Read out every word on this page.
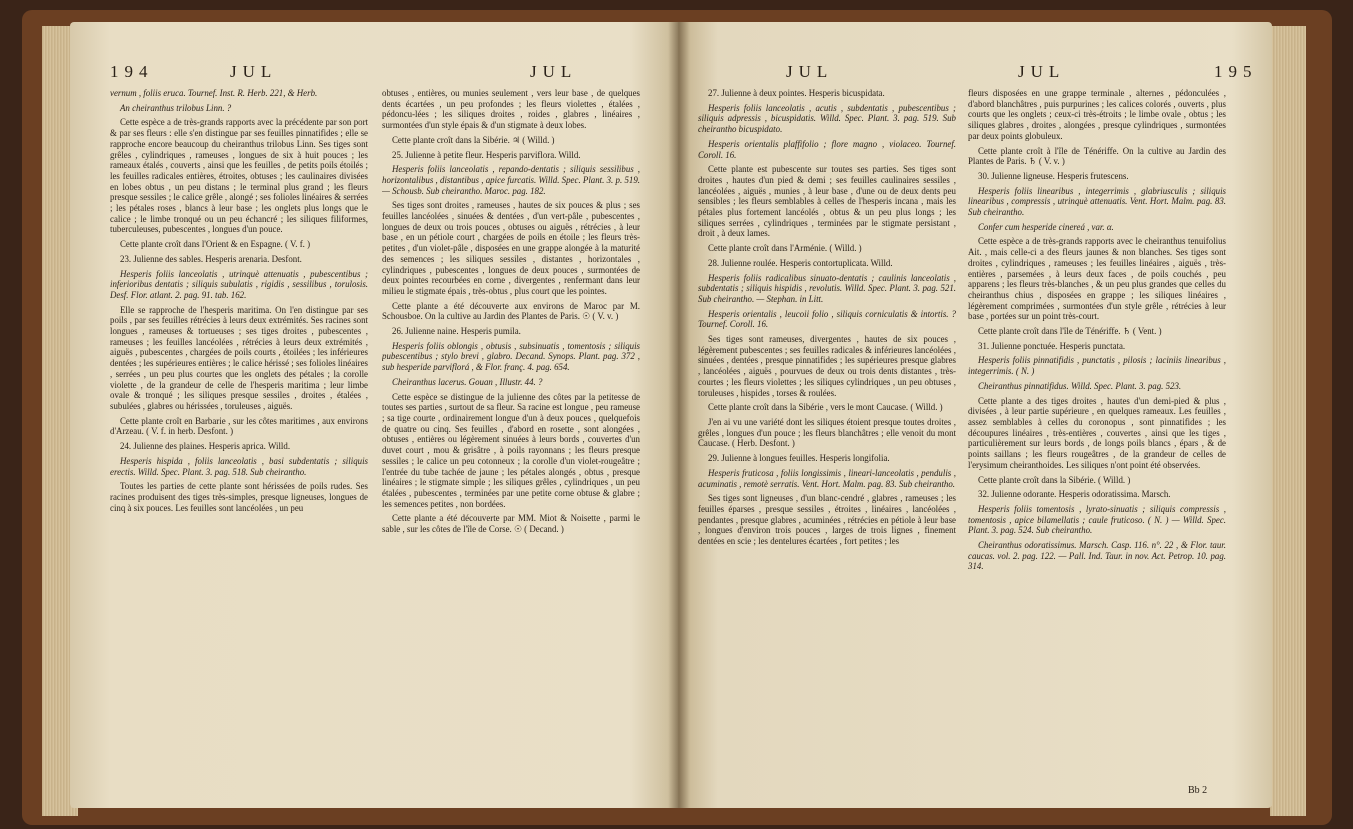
194	JUL	JUL

vernum , foliis eruca. Tournef. Inst. R. Herb. 221, & Herb.

An cheiranthus trilobus Linn. ?

Cette espèce a de très-grands rapports avec la précédente par son port & par ses fleurs : elle s'en distingue par ses feuilles pinnatifides ; elle se rapproche encore beaucoup du cheiranthus trilobus Linn. Ses tiges sont grêles , cylindriques , rameuses , longues de six à huit pouces ; les rameaux étalés , couverts , ainsi que les feuilles , de petits poils étoilés ; les feuilles radicales entières, étroites, obtuses ; les caulinaires divisées en lobes obtus , un peu distans ; le terminal plus grand ; les fleurs presque sessiles ; le calice grêle , alongé ; ses folioles linéaires & serrées ; les pétales roses , blancs à leur base ; les onglets plus longs que le calice ; le limbe tronqué ou un peu échancré ; les siliques filiformes, tuberculeuses, pubescentes , longues d'un pouce.

Cette plante croît dans l'Orient & en Espagne. ( V. f. )

23. Julienne des sables. Hesperis arenaria. Desfont.

Hesperis foliis lanceolatis , utrinquè attenuatis , pubescentibus ; inferioribus dentatis ; siliquis subulatis , rigidis , sessilibus , torulosis. Desf. Flor. atlant. 2. pag. 91. tab. 162.

Elle se rapproche de l'hesperis maritima. On l'en distingue par ses poils , par ses feuilles rétrécies à leurs deux extrémités. Ses racines sont longues , rameuses & tortueuses ; ses tiges droites , pubescentes , rameuses ; les feuilles lancéolées , rétrécies à leurs deux extrémités , aiguës , pubescentes , chargées de poils courts , étoilées ; les inférieures dentées ; les supérieures entières ; le calice hérissé ; ses folioles linéaires , serrées , un peu plus courtes que les onglets des pétales ; la corolle violette , de la grandeur de celle de l'hesperis maritima ; leur limbe ovale & tronqué ; les siliques presque sessiles , droites , étalées , subulées , glabres ou hérissées , toruleuses , aiguës.

Cette plante croît en Barbarie , sur les côtes maritimes , aux environs d'Arzeau. ( V. f. in herb. Desfont. )

24. Julienne des plaines. Hesperis aprica. Willd.

Hesperis hispida , foliis lanceolatis , basi subdentatis ; siliquis erectis. Willd. Spec. Plant. 3. pag. 518. Sub cheirantho.

Toutes les parties de cette plante sont hérissées de poils rudes. Ses racines produisent des tiges très-simples, presque ligneuses, longues de cinq à six pouces. Les feuilles sont lancéolées , un peu

obtuses , entières, ou munies seulement , vers leur base , de quelques dents écartées , un peu profondes ; les fleurs violettes , étalées , pédoncu-lées ; les siliques droites , roides , glabres , linéaires , surmontées d'un style épais & d'un stigmate à deux lobes.

Cette plante croît dans la Sibérie. ♃ ( Willd. )

25. Julienne à petite fleur. Hesperis parviflora. Willd.

Hesperis foliis lanceolatis , repando-dentatis ; siliquis sessilibus , horizontalibus , distantibus , apice furcatis. Willd. Spec. Plant. 3. p. 519. — Schousb. Sub cheirantho. Maroc. pag. 182.

Ses tiges sont droites , rameuses , hautes de six pouces & plus ; ses feuilles lancéolées , sinuées & dentées , d'un vert-pâle , pubescentes , longues de deux ou trois pouces , obtuses ou aiguës , rétrécies , à leur base , en un pétiole court , chargées de poils en étoile ; les fleurs très-petites , d'un violet-pâle , disposées en une grappe alongée à la maturité des semences ; les siliques sessiles , distantes , horizontales , cylindriques , pubescentes , longues de deux pouces , surmontées de deux pointes recourbées en corne , divergentes , renfermant dans leur milieu le stigmate épais , très-obtus , plus court que les pointes.

Cette plante a été découverte aux environs de Maroc par M. Schousboe. On la cultive au Jardin des Plantes de Paris. ☉ ( V. v. )

26. Julienne naine. Hesperis pumila.

Hesperis foliis oblongis , obtusis , subsinuatis , tomentosis ; siliquis pubescentibus ; stylo brevi , glabro. Decand. Synops. Plant. pag. 372 , sub hesperide parviflorá , & Flor. franç. 4. pag. 654.

Cheiranthus lacerus. Gouan , Illustr. 44. ?

Cette espèce se distingue de la julienne des côtes par la petitesse de toutes ses parties , surtout de sa fleur. Sa racine est longue , peu rameuse ; sa tige courte , ordinairement longue d'un à deux pouces , quelquefois de quatre ou cinq. Ses feuilles , d'abord en rosette , sont alongées , obtuses , entières ou légèrement sinuées à leurs bords , couvertes d'un duvet court , mou & grisâtre , à poils rayonnans ; les fleurs presque sessiles ; le calice un peu cotonneux ; la corolle d'un violet-rougeâtre ; l'entrée du tube tachée de jaune ; les pétales alongés , obtus , presque linéaires ; le stigmate simple ; les siliques grêles , cylindriques , un peu étalées , pubescentes , terminées par une petite corne obtuse & glabre ; les semences petites , non bordées.

Cette plante a été découverte par MM. Miot & Noisette , parmi le sable , sur les côtes de l'île de Corse. ☉ ( Decand. )

JUL	JUL	195

27. Julienne à deux pointes. Hesperis bicuspidata.

Hesperis foliis lanceolatis , acutis , subdentatis , pubescentibus ; siliquis adpressis , bicuspidatis. Willd. Spec. Plant. 3. pag. 519. Sub cheirantho bicuspidato.

Hesperis orientalis plaffifolio ; flore magno , violaceo. Tournef. Coroll. 16.

Cette plante est pubescente sur toutes ses parties. Ses tiges sont droites , hautes d'un pied & demi ; ses feuilles caulinaires sessiles , lancéolées , aiguës , munies , à leur base , d'une ou de deux dents peu sensibles ; les fleurs semblables à celles de l'hesperis incana , mais les pétales plus fortement lancéolés , obtus & un peu plus longs ; les siliques serrées , cylindriques , terminées par le stigmate persistant , droit , à deux lames.

Cette plante croît dans l'Arménie. ( Willd. )

28. Julienne roulée. Hesperis contortuplicata. Willd.

Hesperis foliis radicalibus sinuato-dentatis ; caulinis lanceolatis , subdentatis ; siliquis hispidis , revolutis. Willd. Spec. Plant. 3. pag. 521. Sub cheirantho. — Stephan. in Litt.

Hesperis orientalis , leucoii folio , siliquis corniculatis & intortis. ? Tournef. Coroll. 16.

Ses tiges sont rameuses, divergentes , hautes de six pouces , légèrement pubescentes ; ses feuilles radicales & inférieures lancéolées , sinuées , dentées , presque pinnatifides ; les supérieures presque glabres , lancéolées , aiguës , pourvues de deux ou trois dents distantes , très-courtes ; les fleurs violettes ; les siliques cylindriques , un peu obtuses , toruleuses , hispides , torses & roulées.

Cette plante croît dans la Sibérie , vers le mont Caucase. ( Willd. )

J'en ai vu une variété dont les siliques étoient presque toutes droites , grêles , longues d'un pouce ; les fleurs blanchâtres ; elle venoit du mont Caucase. ( Herb. Desfont. )

29. Julienne à longues feuilles. Hesperis longifolia.

Hesperis fruticosa , foliis longissimis , lineari-lanceolatis , pendulis , acuminatis , remotè serratis. Vent. Hort. Malm. pag. 83. Sub cheirantho.

Ses tiges sont ligneuses , d'un blanc-cendré , glabres , rameuses ; les feuilles éparses , presque sessiles , étroites , linéaires , lancéolées , pendantes , presque glabres , acuminées , rétrécies en pétiole à leur base , longues d'environ trois pouces , larges de trois lignes , finement dentées en scie ; les dentelures écartées , fort petites ; les

fleurs disposées en une grappe terminale , alternes , pédonculées , d'abord blanchâtres , puis purpurines ; les calices colorés , ouverts , plus courts que les onglets ; ceux-ci très-étroits ; le limbe ovale , obtus ; les siliques glabres , droites , alongées , presque cylindriques , surmontées par deux points globuleux.

Cette plante croît à l'île de Ténériffe. On la cultive au Jardin des Plantes de Paris. ♄ ( V. v. )

30. Julienne ligneuse. Hesperis frutescens.

Hesperis foliis linearibus , integerrimis , glabriusculis ; siliquis linearibus , compressis , utrinquè attenuatis. Vent. Hort. Malm. pag. 83. Sub cheirantho.

Confer cum hesperide cinereá , var. α.

Cette espèce a de très-grands rapports avec le cheiranthus tenuifolius Ait. , mais celle-ci a des fleurs jaunes & non blanches. Ses tiges sont droites , cylindriques , rameuses ; les feuilles linéaires , aiguës , très-entières , parsemées , à leurs deux faces , de poils couchés , peu apparens ; les fleurs très-blanches , & un peu plus grandes que celles du cheiranthus chius , disposées en grappe ; les siliques linéaires , légèrement comprimées , surmontées d'un style grêle , rétrécies à leur base , portées sur un point très-court.

Cette plante croît dans l'île de Ténériffe. ♄ ( Vent. )

31. Julienne ponctuée. Hesperis punctata.

Hesperis foliis pinnatifidis , punctatis , pilosis ; laciniis linearibus , integerrimis. ( N. )

Cheiranthus pinnatifidus. Willd. Spec. Plant. 3. pag. 523.

Cette plante a des tiges droites , hautes d'un demi-pied & plus , divisées , à leur partie supérieure , en quelques rameaux. Les feuilles , assez semblables à celles du coronopus , sont pinnatifides ; les découpures linéaires , très-entières , couvertes , ainsi que les tiges , particulièrement sur leurs bords , de longs poils blancs , épars , & de points saillans ; les fleurs rougeâtres , de la grandeur de celles de l'erysimum cheiranthoides. Les siliques n'ont point été observées.

Cette plante croît dans la Sibérie. ( Willd. )

32. Julienne odorante. Hesperis odoratissima. Marsch.

Hesperis foliis tomentosis , lyrato-sinuatis ; siliquis compressis , tomentosis , apice bilamellatis ; caule fruticoso. ( N. ) — Willd. Spec. Plant. 3. pag. 524. Sub cheirantho.

Cheiranthus odoratissimus. Marsch. Casp. 116. n°. 22 , & Flor. taur. caucas. vol. 2. pag. 122. — Pall. Ind. Taur. in nov. Act. Petrop. 10. pag. 314.

Bb 2
